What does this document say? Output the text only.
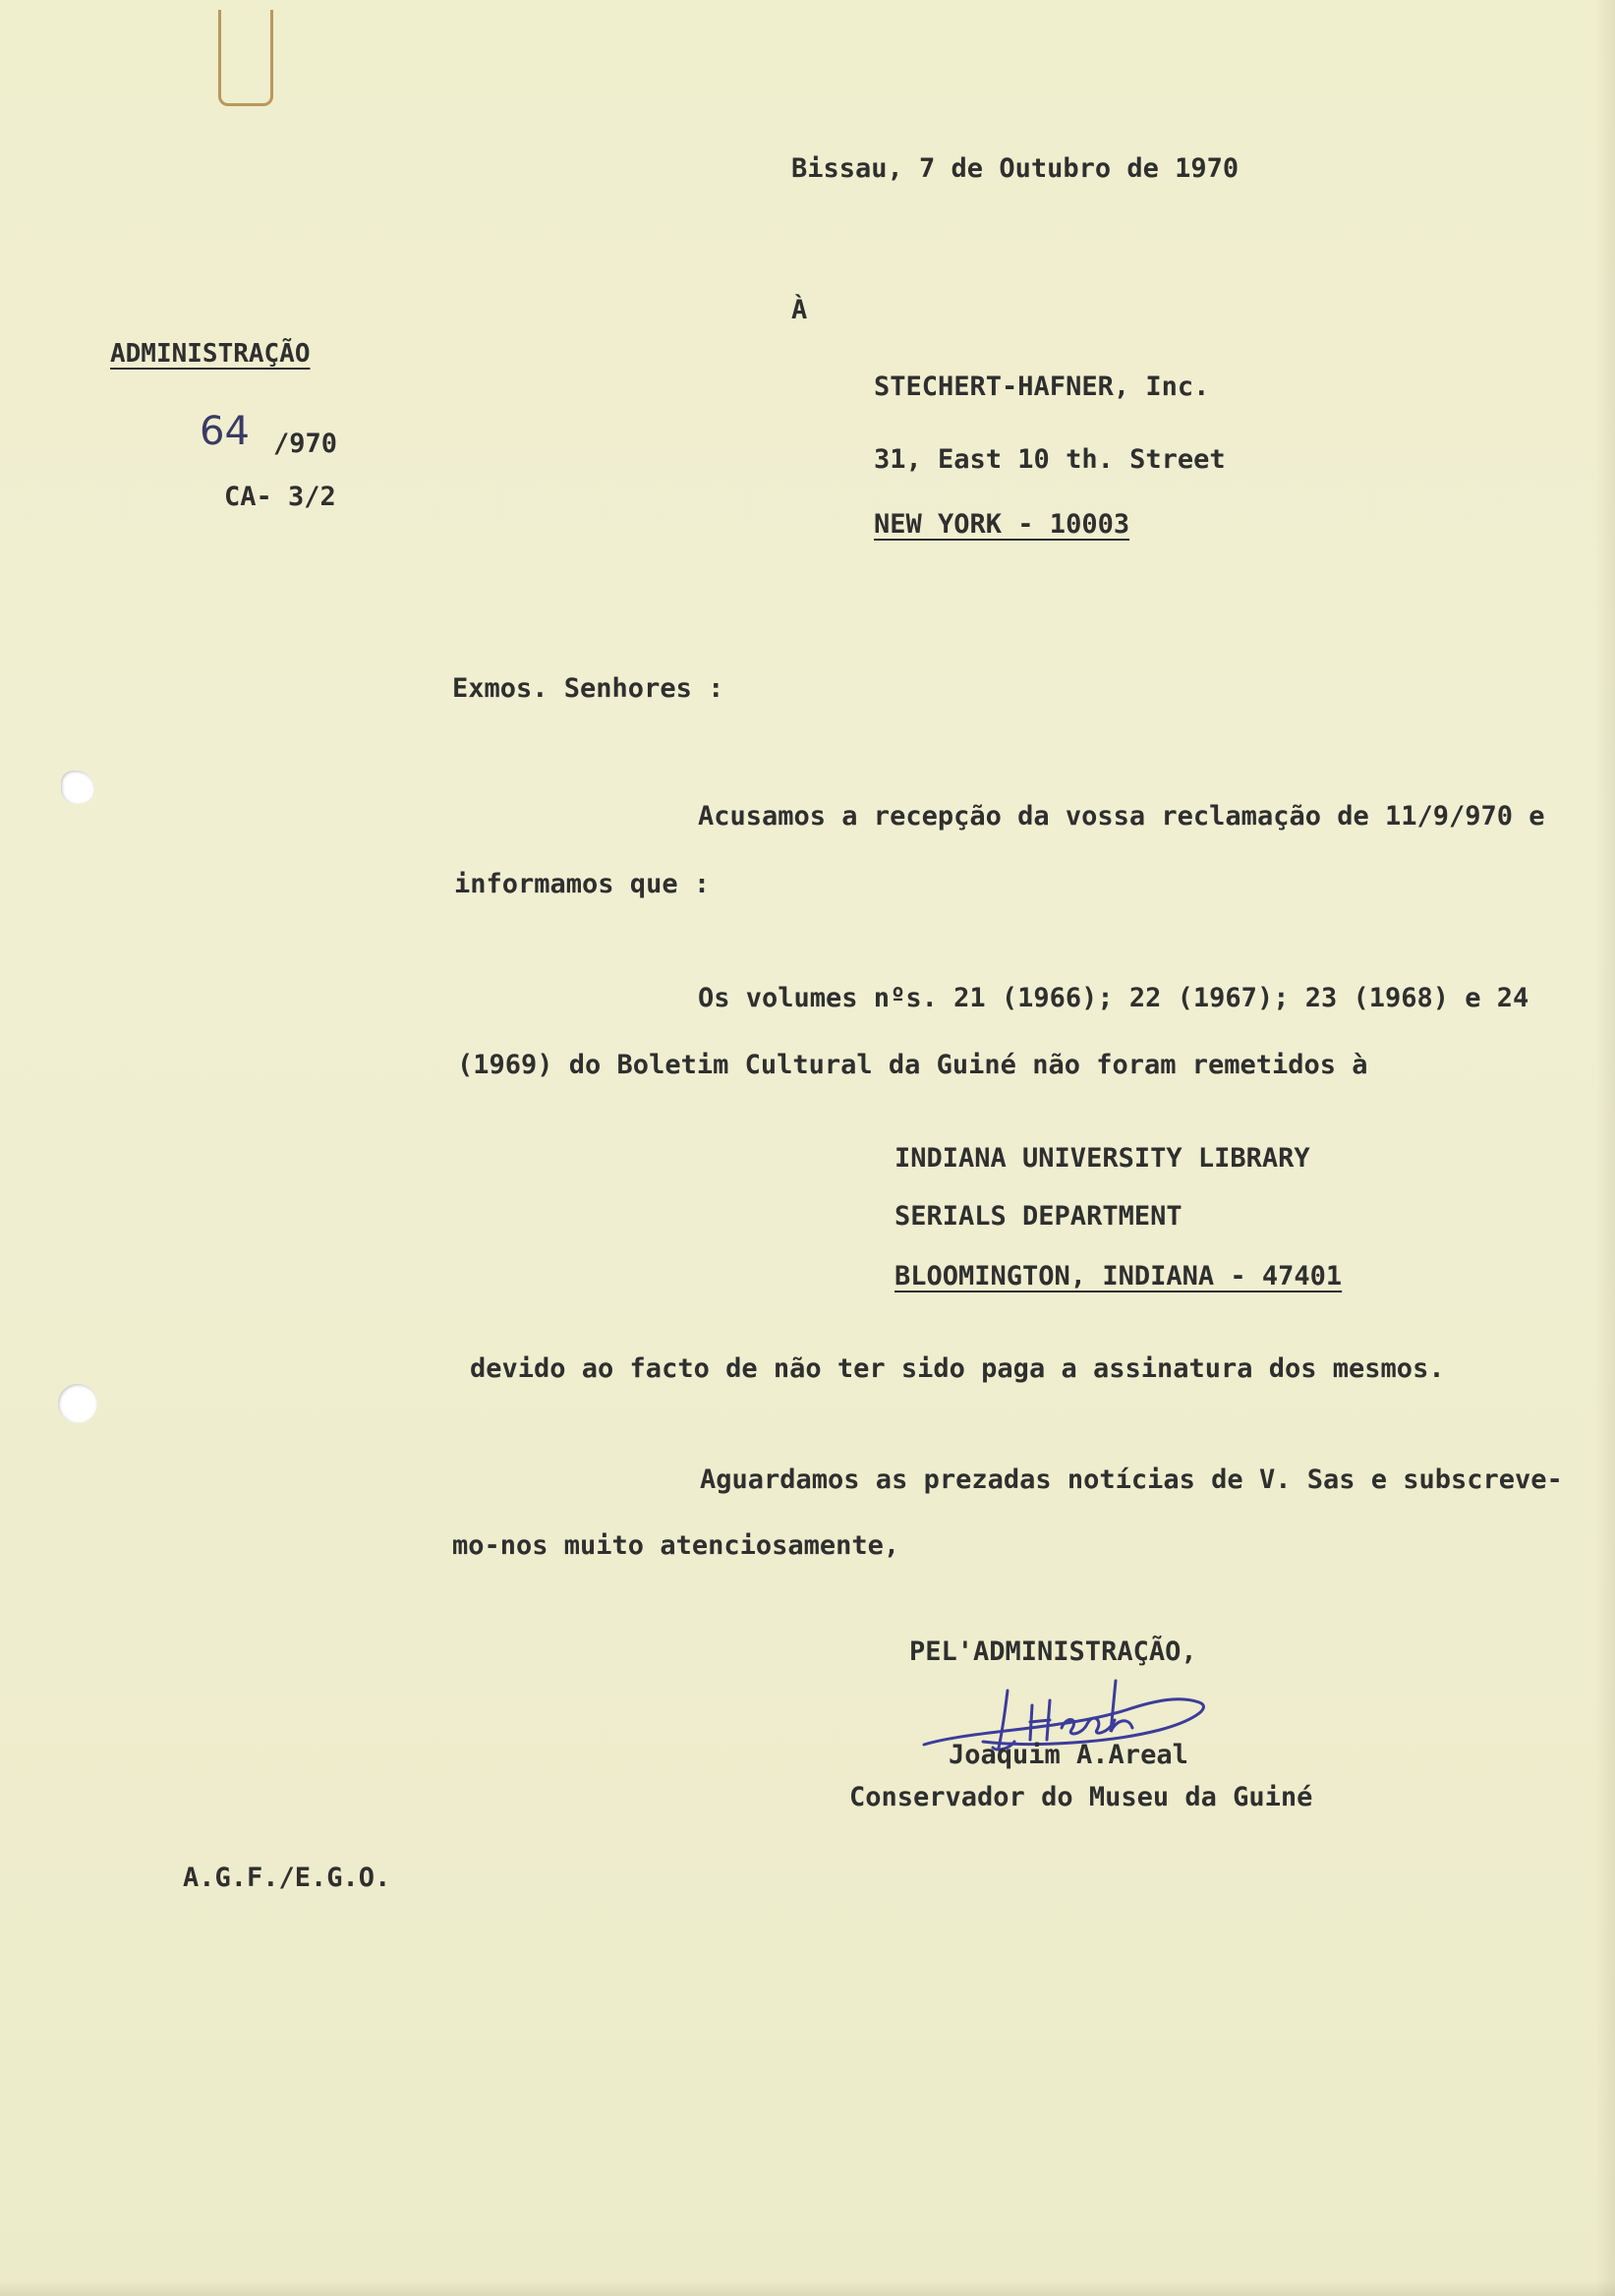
Bissau, 7 de Outubro de 1970
À
ADMINISTRAÇÃO
64 /970
CA- 3/2
STECHERT-HAFNER, Inc.
31, East 10 th. Street
NEW YORK - 10003
Exmos. Senhores :
Acusamos a recepção da vossa reclamação de 11/9/970 e
informamos que :
Os volumes nºs. 21 (1966); 22 (1967); 23 (1968) e 24
(1969) do Boletim Cultural da Guiné não foram remetidos à
INDIANA UNIVERSITY LIBRARY
SERIALS DEPARTMENT
BLOOMINGTON, INDIANA - 47401
devido ao facto de não ter sido paga a assinatura dos mesmos.
Aguardamos as prezadas notícias de V. Sas e subscreve-
mo-nos muito atenciosamente,
PEL'ADMINISTRAÇÃO,
Joaquim A.Areal
Conservador do Museu da Guiné
A.G.F./E.G.O.
